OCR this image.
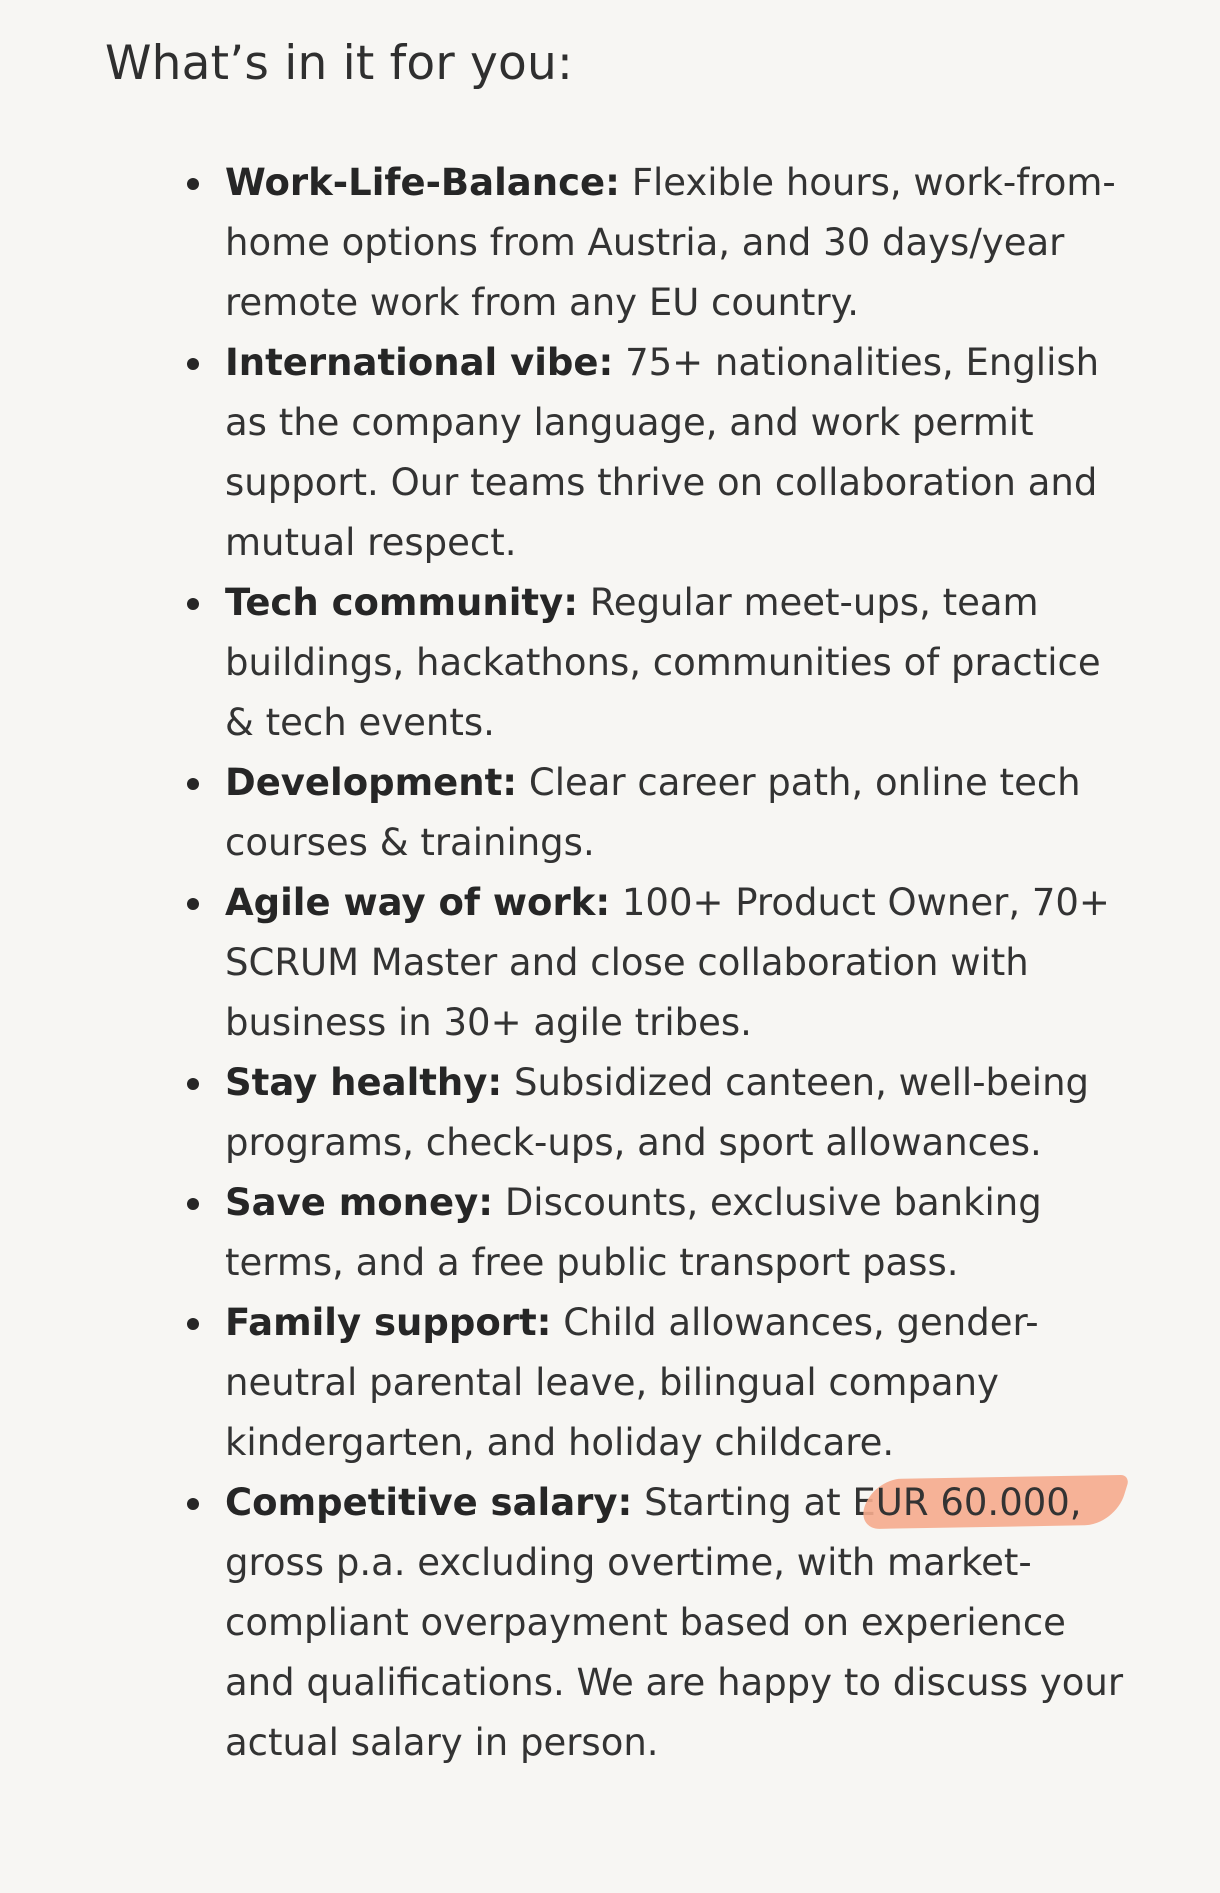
What’s in it for you:
Work-Life-Balance: Flexible hours, work-from-home options from Austria, and 30 days/year remote work from any EU country.
International vibe: 75+ nationalities, English as the company language, and work permit support. Our teams thrive on collaboration and mutual respect.
Tech community: Regular meet-ups, team buildings, hackathons, communities of practice & tech events.
Development: Clear career path, online tech courses & trainings.
Agile way of work: 100+ Product Owner, 70+ SCRUM Master and close collaboration with business in 30+ agile tribes.
Stay healthy: Subsidized canteen, well-being programs, check-ups, and sport allowances.
Save money: Discounts, exclusive banking terms, and a free public transport pass.
Family support: Child allowances, gender-neutral parental leave, bilingual company kindergarten, and holiday childcare.
Competitive salary: Starting at EUR 60.000, gross p.a. excluding overtime, with market-compliant overpayment based on experience and qualifications. We are happy to discuss your actual salary in person.
